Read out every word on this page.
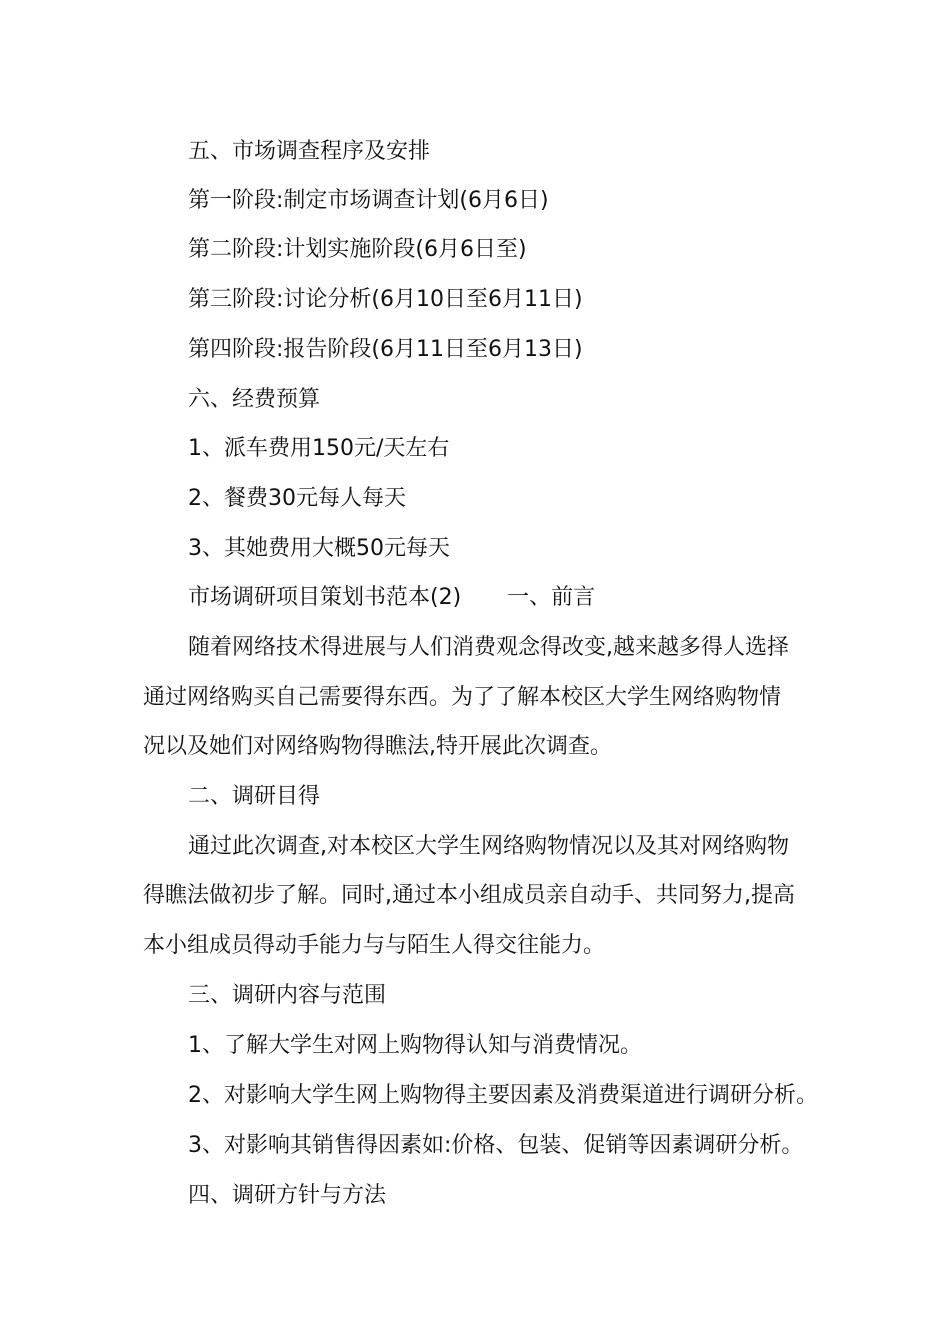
五、市场调查程序及安排
第一阶段:制定市场调查计划(6月6日)
第二阶段:计划实施阶段(6月6日至)
第三阶段:讨论分析(6月10日至6月11日)
第四阶段:报告阶段(6月11日至6月13日)
六、经费预算
1、派车费用150元/天左右
2、餐费30元每人每天
3、其她费用大概50元每天
市场调研项目策划书范本(2) 一、前言
随着网络技术得进展与人们消费观念得改变,越来越多得人选择
通过网络购买自己需要得东西。为了了解本校区大学生网络购物情
况以及她们对网络购物得瞧法,特开展此次调查。
二、调研目得
通过此次调查,对本校区大学生网络购物情况以及其对网络购物
得瞧法做初步了解。同时,通过本小组成员亲自动手、共同努力,提高
本小组成员得动手能力与与陌生人得交往能力。
三、调研内容与范围
1、了解大学生对网上购物得认知与消费情况。
2、对影响大学生网上购物得主要因素及消费渠道进行调研分析。
3、对影响其销售得因素如:价格、包装、促销等因素调研分析。
四、调研方针与方法
